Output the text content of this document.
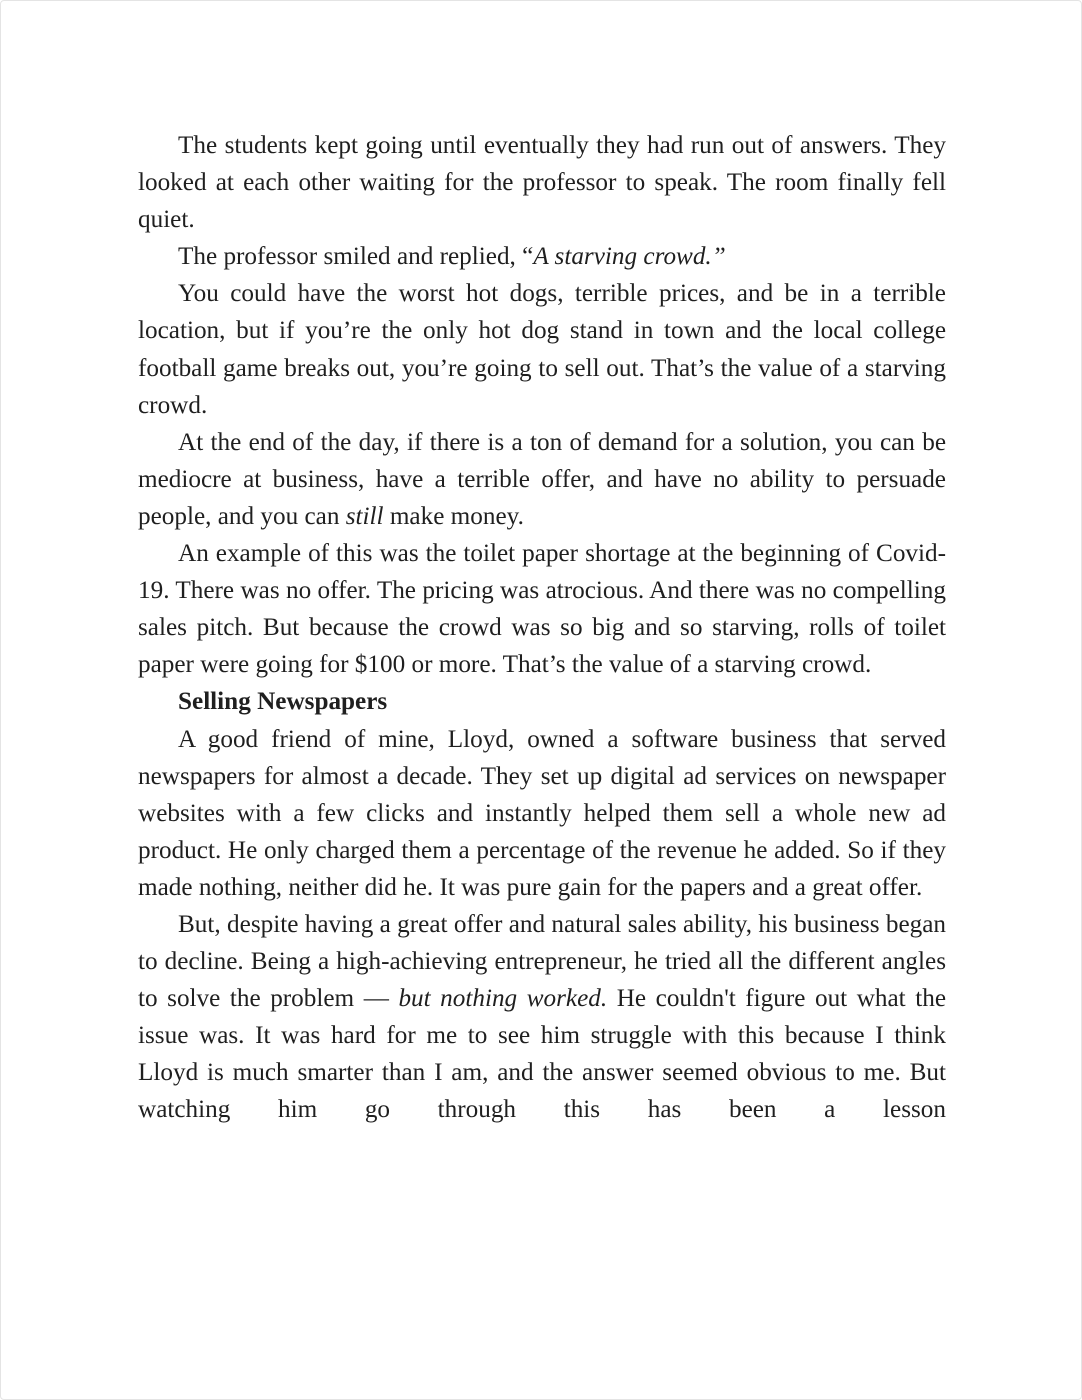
The students kept going until eventually they had run out of answers. They looked at each other waiting for the professor to speak. The room finally fell quiet.

The professor smiled and replied, “A starving crowd.”

You could have the worst hot dogs, terrible prices, and be in a terrible location, but if you’re the only hot dog stand in town and the local college football game breaks out, you’re going to sell out. That’s the value of a starving crowd.

At the end of the day, if there is a ton of demand for a solution, you can be mediocre at business, have a terrible offer, and have no ability to persuade people, and you can still make money.

An example of this was the toilet paper shortage at the beginning of Covid-19. There was no offer. The pricing was atrocious. And there was no compelling sales pitch. But because the crowd was so big and so starving, rolls of toilet paper were going for $100 or more. That’s the value of a starving crowd.

Selling Newspapers

A good friend of mine, Lloyd, owned a software business that served newspapers for almost a decade. They set up digital ad services on newspaper websites with a few clicks and instantly helped them sell a whole new ad product. He only charged them a percentage of the revenue he added. So if they made nothing, neither did he. It was pure gain for the papers and a great offer.

But, despite having a great offer and natural sales ability, his business began to decline. Being a high-achieving entrepreneur, he tried all the different angles to solve the problem — but nothing worked. He couldn't figure out what the issue was. It was hard for me to see him struggle with this because I think Lloyd is much smarter than I am, and the answer seemed obvious to me. But watching him go through this has been a lesson
